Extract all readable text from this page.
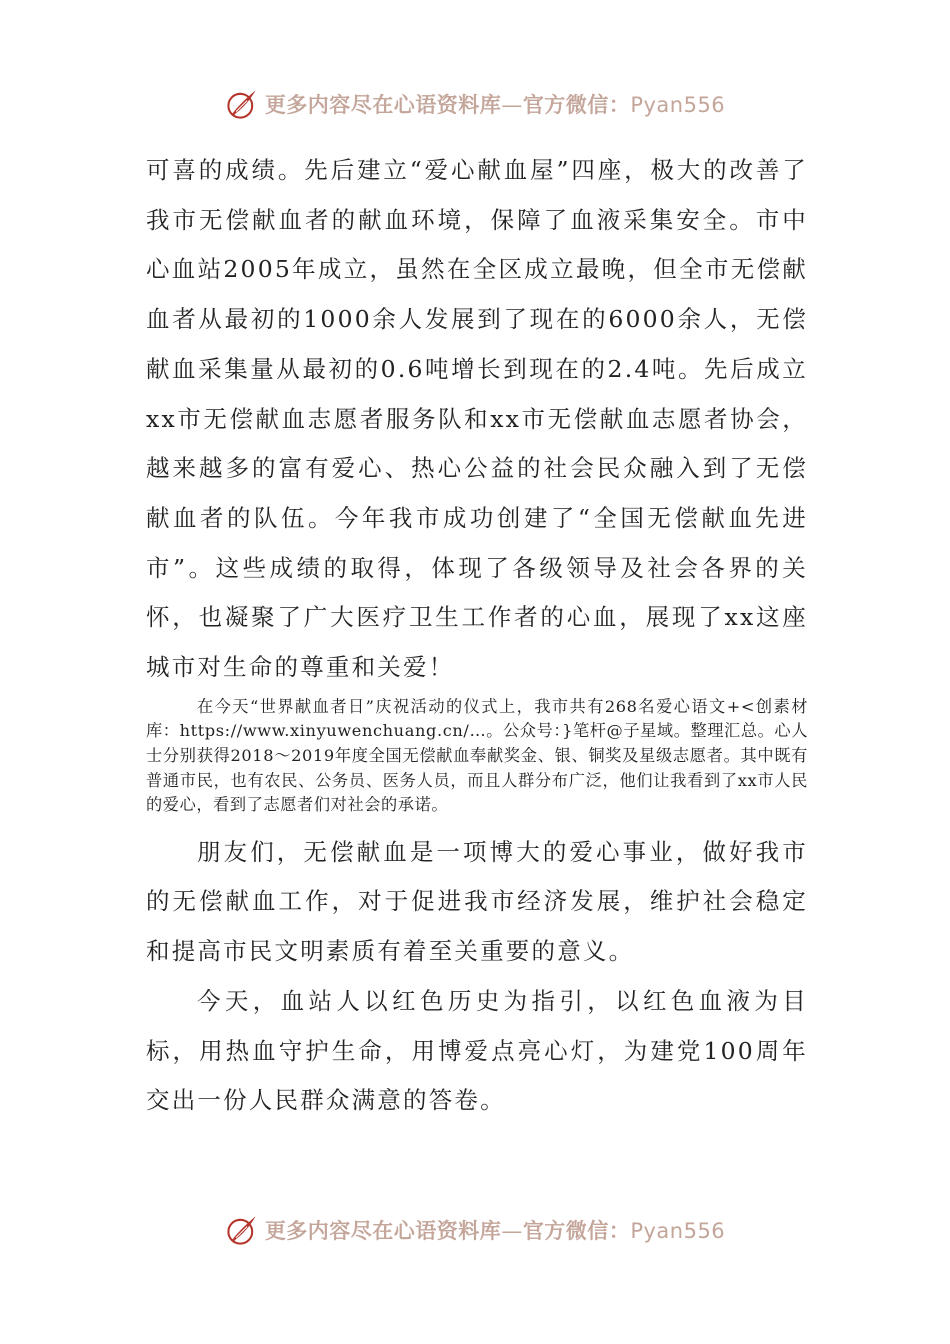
更多内容尽在心语资料库—官方微信：Pyan556

可喜的成绩。先后建立“爱心献血屋”四座，极大的改善了我市无偿献血者的献血环境，保障了血液采集安全。市中心血站2005年成立，虽然在全区成立最晚，但全市无偿献血者从最初的1000余人发展到了现在的6000余人，无偿献血采集量从最初的0.6吨增长到现在的2.4吨。先后成立xx市无偿献血志愿者服务队和xx市无偿献血志愿者协会，越来越多的富有爱心、热心公益的社会民众融入到了无偿献血者的队伍。今年我市成功创建了“全国无偿献血先进市”。这些成绩的取得，体现了各级领导及社会各界的关怀，也凝聚了广大医疗卫生工作者的心血，展现了xx这座城市对生命的尊重和关爱！

在今天“世界献血者日”庆祝活动的仪式上，我市共有268名爱心语文+<创素材库：https://www.xinyuwenchuang.cn/…。公众号：}笔杆@子星域。整理汇总。心人士分别获得2018～2019年度全国无偿献血奉献奖金、银、铜奖及星级志愿者。其中既有普通市民，也有农民、公务员、医务人员，而且人群分布广泛，他们让我看到了xx市人民的爱心，看到了志愿者们对社会的承诺。

朋友们，无偿献血是一项博大的爱心事业，做好我市的无偿献血工作，对于促进我市经济发展，维护社会稳定和提高市民文明素质有着至关重要的意义。

今天，血站人以红色历史为指引，以红色血液为目标，用热血守护生命，用博爱点亮心灯，为建党100周年交出一份人民群众满意的答卷。

更多内容尽在心语资料库—官方微信：Pyan556
